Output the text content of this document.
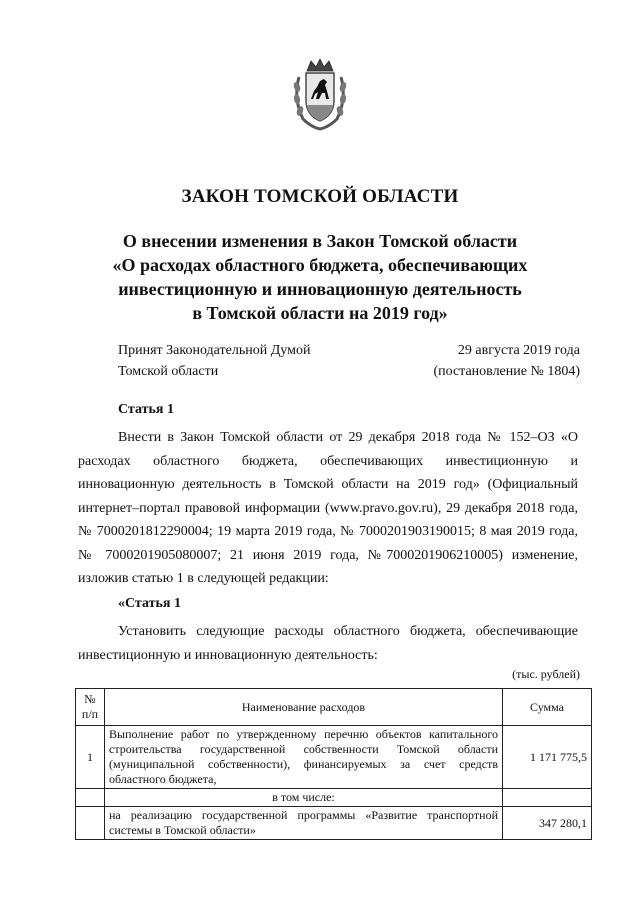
ЗАКОН ТОМСКОЙ ОБЛАСТИ
О внесении изменения в Закон Томской области
«О расходах областного бюджета, обеспечивающих
инвестиционную и инновационную деятельность
в Томской области на 2019 год»
Принят Законодательной Думой
Томской области
29 августа 2019 года
(постановление № 1804)
Статья 1

Внести в Закон Томской области от 29 декабря 2018 года № 152–ОЗ «О расходах областного бюджета, обеспечивающих инвестиционную и инновационную деятельность в Томской области на 2019 год» (Официальный интернет–портал правовой информации (www.pravo.gov.ru), 29 декабря 2018 года, № 7000201812290004; 19 марта 2019 года, № 7000201903190015; 8 мая 2019 года, № 7000201905080007; 21 июня 2019 года, №7000201906210005) изменение, изложив статью 1 в следующей редакции:

«Статья 1

Установить следующие расходы областного бюджета, обеспечивающие инвестиционную и инновационную деятельность:

(тыс. рублей)
№
п/п	Наименование расходов	Сумма
1	Выполнение работ по утвержденному перечню объектов капитального строительства государственной собственности Томской области (муниципальной собственности), финансируемых за счет средств областного бюджета,	1 171 775,5
	в том числе:	
	на реализацию государственной программы «Развитие транспортной системы в Томской области»	347 280,1
